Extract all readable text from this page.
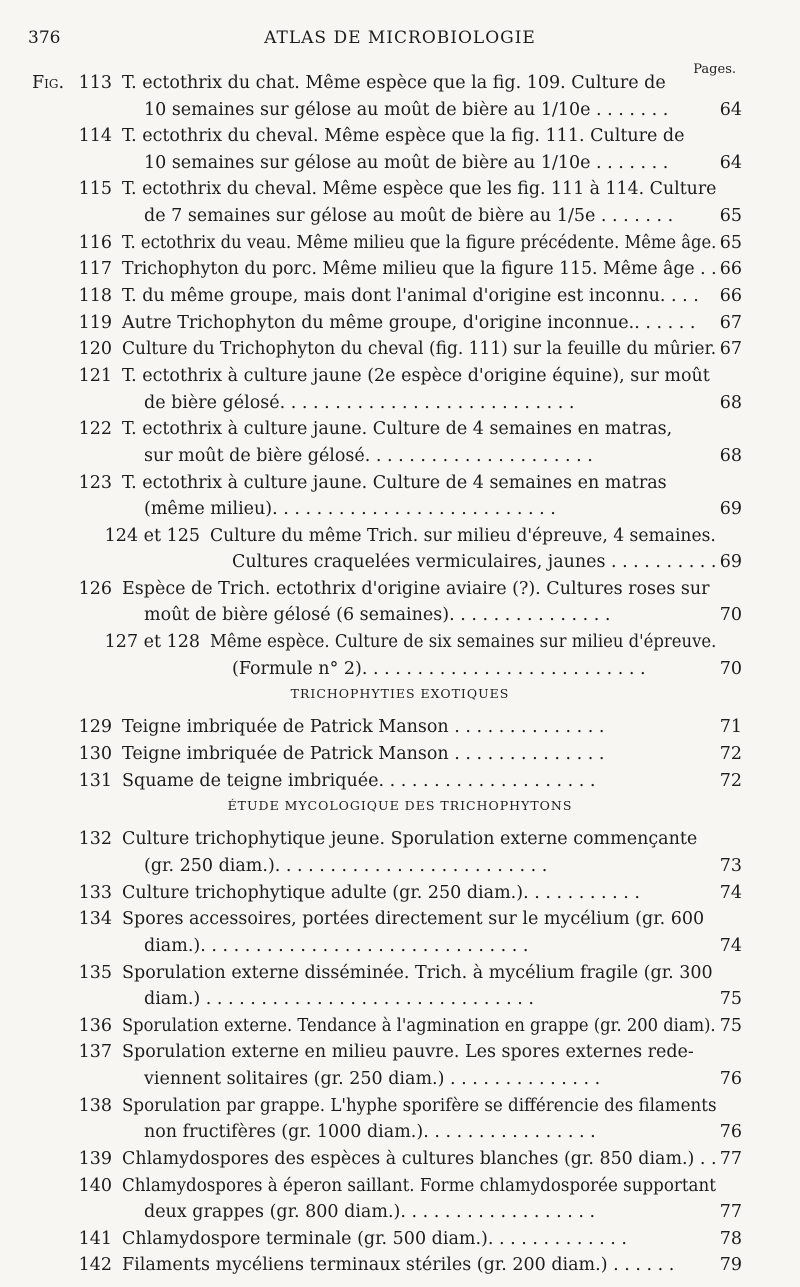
376	ATLAS DE MICROBIOLOGIE
Pages.
Fig. 113 T. ectothrix du chat. Même espèce que la fig. 109. Culture de
10 semaines sur gélose au moût de bière au 1/10e . . . . . . .	64
114 T. ectothrix du cheval. Même espèce que la fig. 111. Culture de
10 semaines sur gélose au moût de bière au 1/10e . . . . . . .	64
115 T. ectothrix du cheval. Même espèce que les fig. 111 à 114. Culture
de 7 semaines sur gélose au moût de bière au 1/5e . . . . . . .	65
116 T. ectothrix du veau. Même milieu que la figure précédente. Même âge. 65
117 Trichophyton du porc. Même milieu que la figure 115. Même âge . . 66
118 T. du même groupe, mais dont l'animal d'origine est inconnu. . . . 66
119 Autre Trichophyton du même groupe, d'origine inconnue.. . . . . . 67
120 Culture du Trichophyton du cheval (fig. 111) sur la feuille du mûrier. 67
121 T. ectothrix à culture jaune (2e espèce d'origine équine), sur moût
de bière gélosé. . . . . . . . . . . . . . . . . . . . . . . . . . .	68
122 T. ectothrix à culture jaune. Culture de 4 semaines en matras,
sur moût de bière gélosé. . . . . . . . . . . . . . . . . . . . .	68
123 T. ectothrix à culture jaune. Culture de 4 semaines en matras
(même milieu). . . . . . . . . . . . . . . . . . . . . . . . . .	69
124 et 125 Culture du même Trich. sur milieu d'épreuve, 4 semaines.
Cultures craquelées vermiculaires, jaunes . . . . . . . . . . 69
126 Espèce de Trich. ectothrix d'origine aviaire (?). Cultures roses sur
moût de bière gélosé (6 semaines). . . . . . . . . . . . . . .	70
127 et 128 Même espèce. Culture de six semaines sur milieu d'épreuve.
(Formule n° 2). . . . . . . . . . . . . . . . . . . . . . . . . .	70
TRICHOPHYTIES EXOTIQUES
129 Teigne imbriquée de Patrick Manson . . . . . . . . . . . . . .	71
130 Teigne imbriquée de Patrick Manson . . . . . . . . . . . . . .	72
131 Squame de teigne imbriquée. . . . . . . . . . . . . . . . . . . .	72
ÉTUDE MYCOLOGIQUE DES TRICHOPHYTONS
132 Culture trichophytique jeune. Sporulation externe commençante
(gr. 250 diam.). . . . . . . . . . . . . . . . . . . . . . . . .	73
133 Culture trichophytique adulte (gr. 250 diam.). . . . . . . . . . .	74
134 Spores accessoires, portées directement sur le mycélium (gr. 600
diam.). . . . . . . . . . . . . . . . . . . . . . . . . . . . . .	74
135 Sporulation externe disséminée. Trich. à mycélium fragile (gr. 300
diam.) . . . . . . . . . . . . . . . . . . . . . . . . . . . . . .	75
136 Sporulation externe. Tendance à l'agmination en grappe (gr. 200 diam). 75
137 Sporulation externe en milieu pauvre. Les spores externes rede-
viennent solitaires (gr. 250 diam.) . . . . . . . . . . . . . .	76
138 Sporulation par grappe. L'hyphe sporifère se différencie des filaments
non fructifères (gr. 1000 diam.). . . . . . . . . . . . . . . .	76
139 Chlamydospores des espèces à cultures blanches (gr. 850 diam.) . . 77
140 Chlamydospores à éperon saillant. Forme chlamydosporée supportant
deux grappes (gr. 800 diam.). . . . . . . . . . . . . . . . . .	77
141 Chlamydospore terminale (gr. 500 diam.). . . . . . . . . . . . .	78
142 Filaments mycéliens terminaux stériles (gr. 200 diam.) . . . . . .	79
